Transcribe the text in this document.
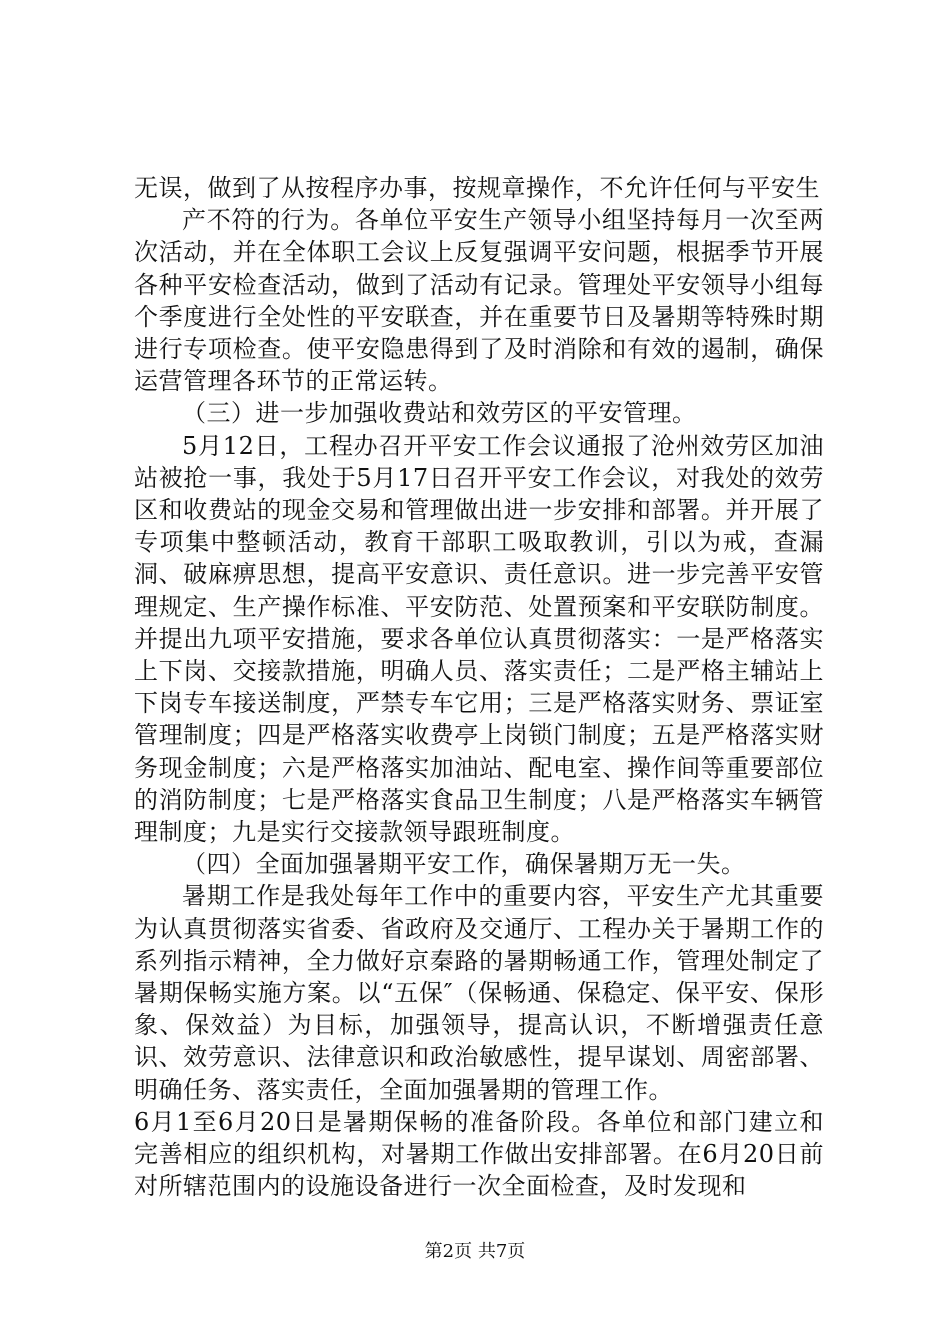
无误，做到了从按程序办事，按规章操作，不允许任何与平安生

产不符的行为。各单位平安生产领导小组坚持每月一次至两次活动，并在全体职工会议上反复强调平安问题，根据季节开展各种平安检查活动，做到了活动有记录。管理处平安领导小组每个季度进行全处性的平安联查，并在重要节日及暑期等特殊时期进行专项检查。使平安隐患得到了及时消除和有效的遏制，确保运营管理各环节的正常运转。

（三）进一步加强收费站和效劳区的平安管理。

5月12日，工程办召开平安工作会议通报了沧州效劳区加油站被抢一事，我处于5月17日召开平安工作会议，对我处的效劳区和收费站的现金交易和管理做出进一步安排和部署。并开展了专项集中整顿活动，教育干部职工吸取教训，引以为戒，查漏洞、破麻痹思想，提高平安意识、责任意识。进一步完善平安管理规定、生产操作标准、平安防范、处置预案和平安联防制度。并提出九项平安措施，要求各单位认真贯彻落实：一是严格落实上下岗、交接款措施，明确人员、落实责任；二是严格主辅站上下岗专车接送制度，严禁专车它用；三是严格落实财务、票证室管理制度；四是严格落实收费亭上岗锁门制度；五是严格落实财务现金制度；六是严格落实加油站、配电室、操作间等重要部位的消防制度；七是严格落实食品卫生制度；八是严格落实车辆管理制度；九是实行交接款领导跟班制度。

（四）全面加强暑期平安工作，确保暑期万无一失。

暑期工作是我处每年工作中的重要内容，平安生产尤其重要为认真贯彻落实省委、省政府及交通厅、工程办关于暑期工作的系列指示精神，全力做好京秦路的暑期畅通工作，管理处制定了暑期保畅实施方案。以“五保″（保畅通、保稳定、保平安、保形象、保效益）为目标，加强领导，提高认识，不断增强责任意识、效劳意识、法律意识和政治敏感性，提早谋划、周密部署、明确任务、落实责任，全面加强暑期的管理工作。

6月1至6月20日是暑期保畅的准备阶段。各单位和部门建立和完善相应的组织机构，对暑期工作做出安排部署。在6月20日前对所辖范围内的设施设备进行一次全面检查，及时发现和

第2页 共7页
